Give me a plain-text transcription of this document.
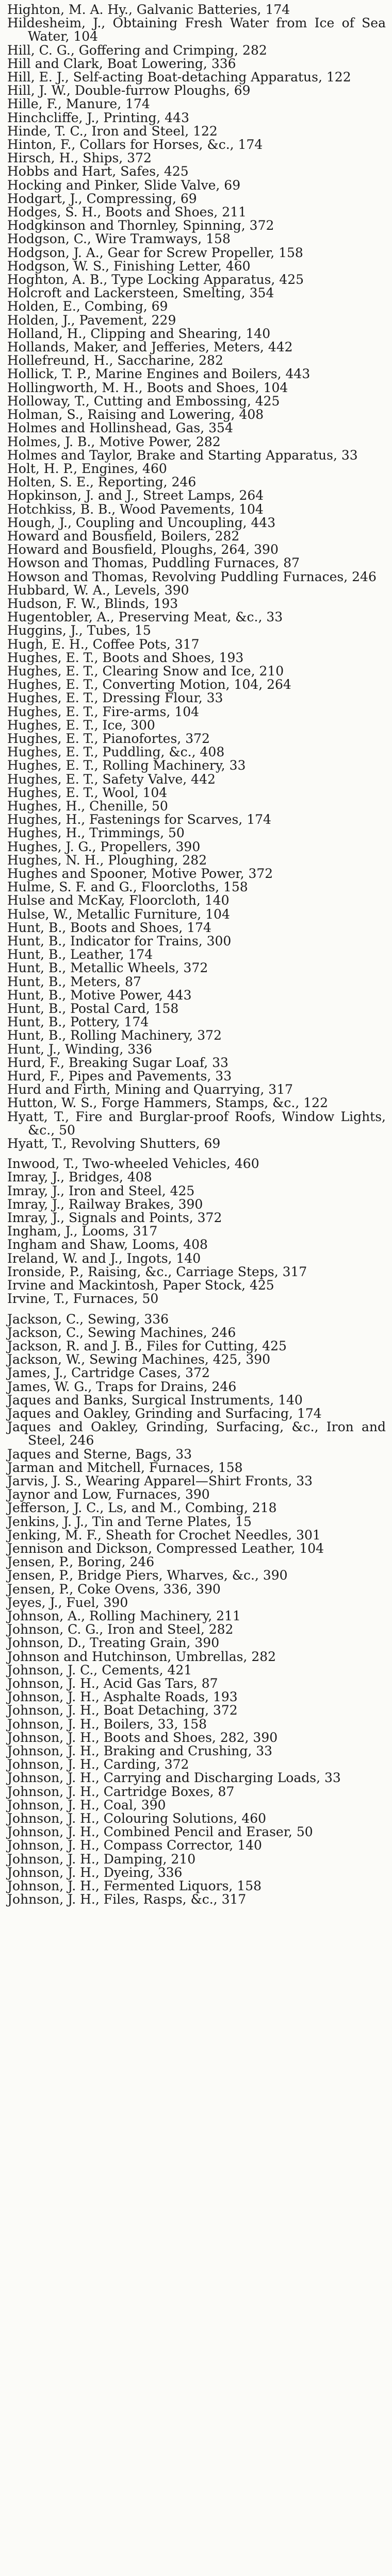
Highton, M. A. Hy., Galvanic Batteries, 174
Hildesheim, J., Obtaining Fresh Water from Ice of Sea Water, 104
Hill, C. G., Goffering and Crimping, 282
Hill and Clark, Boat Lowering, 336
Hill, E. J., Self-acting Boat-detaching Apparatus, 122
Hill, J. W., Double-furrow Ploughs, 69
Hille, F., Manure, 174
Hinchcliffe, J., Printing, 443
Hinde, T. C., Iron and Steel, 122
Hinton, F., Collars for Horses, &c., 174
Hirsch, H., Ships, 372
Hobbs and Hart, Safes, 425
Hocking and Pinker, Slide Valve, 69
Hodgart, J., Compressing, 69
Hodges, S. H., Boots and Shoes, 211
Hodgkinson and Thornley, Spinning, 372
Hodgson, C., Wire Tramways, 158
Hodgson, J. A., Gear for Screw Propeller, 158
Hodgson, W. S., Finishing Letter, 460
Hoghton, A. B., Type Locking Apparatus, 425
Holcroft and Lackersteen, Smelting, 354
Holden, E., Combing, 69
Holden, J., Pavement, 229
Holland, H., Clipping and Shearing, 140
Hollands, Maker, and Jefferies, Meters, 442
Hollefreund, H., Saccharine, 282
Hollick, T. P., Marine Engines and Boilers, 443
Hollingworth, M. H., Boots and Shoes, 104
Holloway, T., Cutting and Embossing, 425
Holman, S., Raising and Lowering, 408
Holmes and Hollinshead, Gas, 354
Holmes, J. B., Motive Power, 282
Holmes and Taylor, Brake and Starting Apparatus, 33
Holt, H. P., Engines, 460
Holten, S. E., Reporting, 246
Hopkinson, J. and J., Street Lamps, 264
Hotchkiss, B. B., Wood Pavements, 104
Hough, J., Coupling and Uncoupling, 443
Howard and Bousfield, Boilers, 282
Howard and Bousfield, Ploughs, 264, 390
Howson and Thomas, Puddling Furnaces, 87
Howson and Thomas, Revolving Puddling Furnaces, 246
Hubbard, W. A., Levels, 390
Hudson, F. W., Blinds, 193
Hugentobler, A., Preserving Meat, &c., 33
Huggins, J., Tubes, 15
Hugh, E. H., Coffee Pots, 317
Hughes, E. T., Boots and Shoes, 193
Hughes, E. T., Clearing Snow and Ice, 210
Hughes, E. T., Converting Motion, 104, 264
Hughes, E. T., Dressing Flour, 33
Hughes, E. T., Fire-arms, 104
Hughes, E. T., Ice, 300
Hughes, E. T., Pianofortes, 372
Hughes, E. T., Puddling, &c., 408
Hughes, E. T., Rolling Machinery, 33
Hughes, E. T., Safety Valve, 442
Hughes, E. T., Wool, 104
Hughes, H., Chenille, 50
Hughes, H., Fastenings for Scarves, 174
Hughes, H., Trimmings, 50
Hughes, J. G., Propellers, 390
Hughes, N. H., Ploughing, 282
Hughes and Spooner, Motive Power, 372
Hulme, S. F. and G., Floorcloths, 158
Hulse and McKay, Floorcloth, 140
Hulse, W., Metallic Furniture, 104
Hunt, B., Boots and Shoes, 174
Hunt, B., Indicator for Trains, 300
Hunt, B., Leather, 174
Hunt, B., Metallic Wheels, 372
Hunt, B., Meters, 87
Hunt, B., Motive Power, 443
Hunt, B., Postal Card, 158
Hunt, B., Pottery, 174
Hunt, B., Rolling Machinery, 372
Hunt, J., Winding, 336
Hurd, F., Breaking Sugar Loaf, 33
Hurd, F., Pipes and Pavements, 33
Hurd and Firth, Mining and Quarrying, 317
Hutton, W. S., Forge Hammers, Stamps, &c., 122
Hyatt, T., Fire and Burglar-proof Roofs, Window Lights, &c., 50
Hyatt, T., Revolving Shutters, 69
Inwood, T., Two-wheeled Vehicles, 460
Imray, J., Bridges, 408
Imray, J., Iron and Steel, 425
Imray, J., Railway Brakes, 390
Imray, J., Signals and Points, 372
Ingham, J., Looms, 317
Ingham and Shaw, Looms, 408
Ireland, W. and J., Ingots, 140
Ironside, P., Raising, &c., Carriage Steps, 317
Irvine and Mackintosh, Paper Stock, 425
Irvine, T., Furnaces, 50
Jackson, C., Sewing, 336
Jackson, C., Sewing Machines, 246
Jackson, R. and J. B., Files for Cutting, 425
Jackson, W., Sewing Machines, 425, 390
James, J., Cartridge Cases, 372
James, W. G., Traps for Drains, 246
Jaques and Banks, Surgical Instruments, 140
Jaques and Oakley, Grinding and Surfacing, 174
Jaques and Oakley, Grinding, Surfacing, &c., Iron and Steel, 246
Jaques and Sterne, Bags, 33
Jarman and Mitchell, Furnaces, 158
Jarvis, J. S., Wearing Apparel—Shirt Fronts, 33
Jaynor and Low, Furnaces, 390
Jefferson, J. C., Ls, and M., Combing, 218
Jenkins, J. J., Tin and Terne Plates, 15
Jenking, M. F., Sheath for Crochet Needles, 301
Jennison and Dickson, Compressed Leather, 104
Jensen, P., Boring, 246
Jensen, P., Bridge Piers, Wharves, &c., 390
Jensen, P., Coke Ovens, 336, 390
Jeyes, J., Fuel, 390
Johnson, A., Rolling Machinery, 211
Johnson, C. G., Iron and Steel, 282
Johnson, D., Treating Grain, 390
Johnson and Hutchinson, Umbrellas, 282
Johnson, J. C., Cements, 421
Johnson, J. H., Acid Gas Tars, 87
Johnson, J. H., Asphalte Roads, 193
Johnson, J. H., Boat Detaching, 372
Johnson, J. H., Boilers, 33, 158
Johnson, J. H., Boots and Shoes, 282, 390
Johnson, J. H., Braking and Crushing, 33
Johnson, J. H., Carding, 372
Johnson, J. H., Carrying and Discharging Loads, 33
Johnson, J. H., Cartridge Boxes, 87
Johnson, J. H., Coal, 390
Johnson, J. H., Colouring Solutions, 460
Johnson, J. H., Combined Pencil and Eraser, 50
Johnson, J. H., Compass Corrector, 140
Johnson, J. H., Damping, 210
Johnson, J. H., Dyeing, 336
Johnson, J. H., Fermented Liquors, 158
Johnson, J. H., Files, Rasps, &c., 317
